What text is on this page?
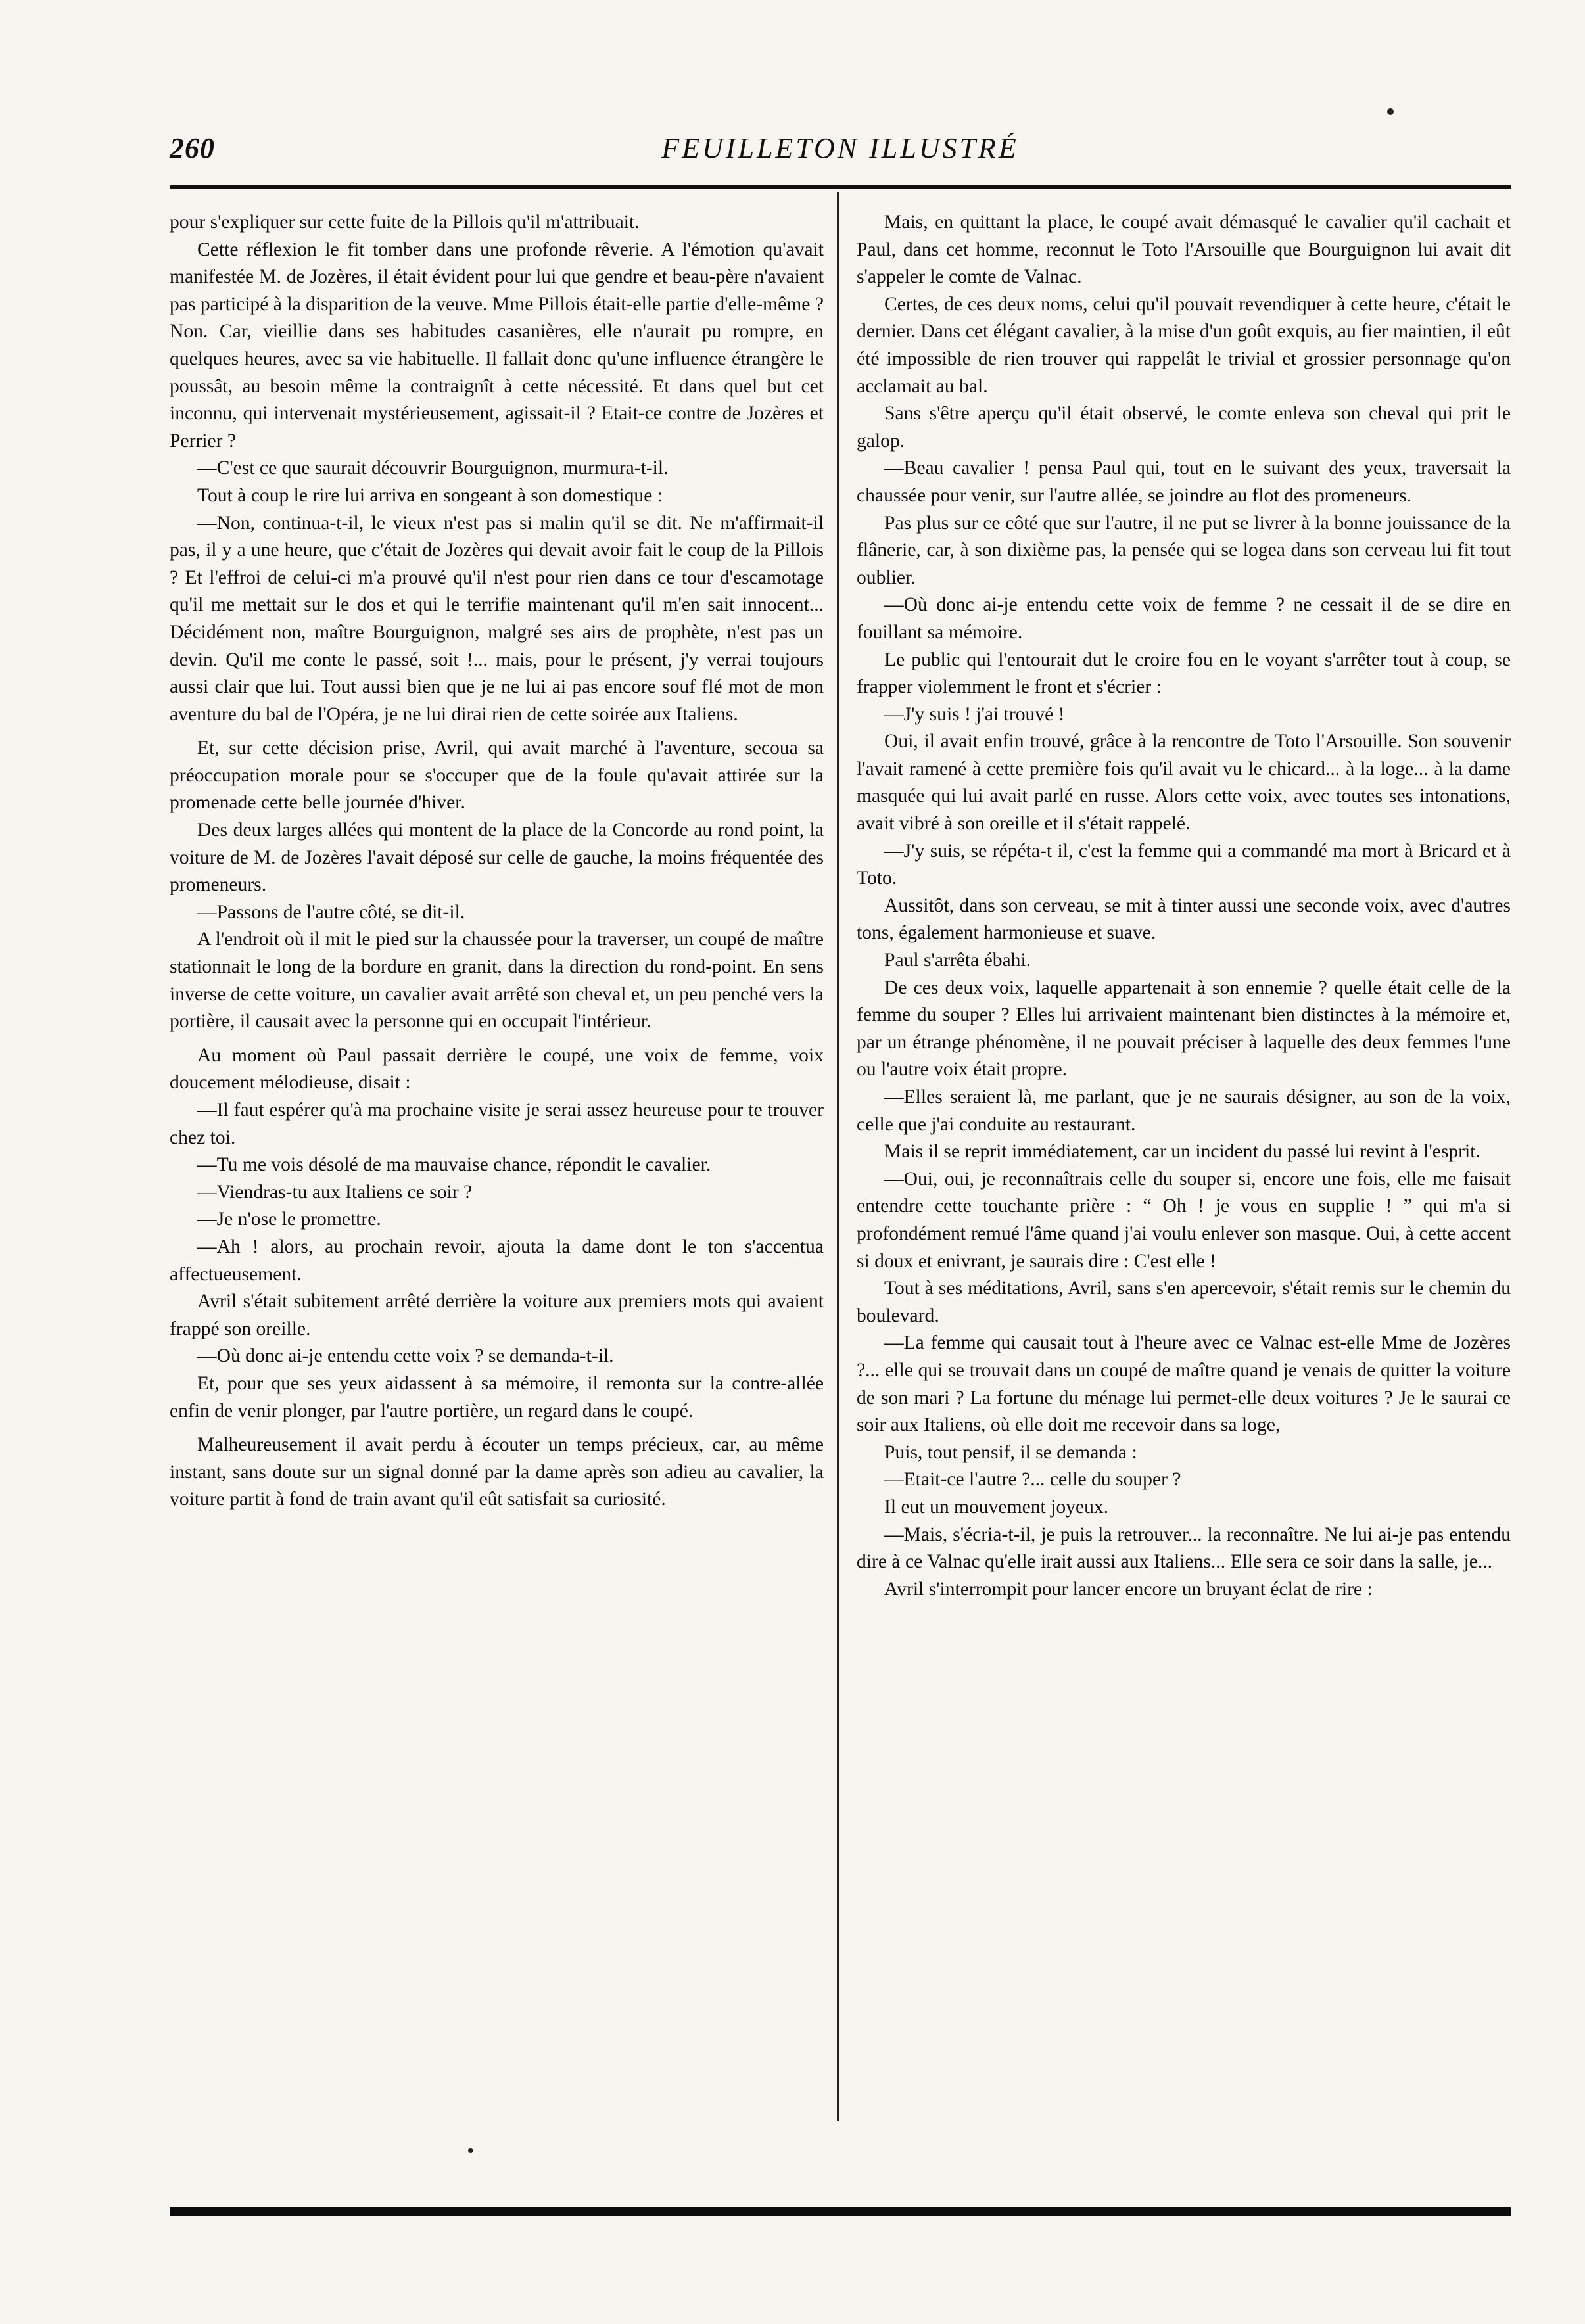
260	FEUILLETON ILLUSTRÉ

pour s'expliquer sur cette fuite de la Pillois qu'il m'attribuait.

Cette réflexion le fit tomber dans une profonde rêverie. A l'émotion qu'avait manifestée M. de Jozères, il était évident pour lui que gendre et beau-père n'avaient pas participé à la disparition de la veuve. Mme Pillois était-elle partie d'elle-même ? Non. Car, vieillie dans ses habitudes casanières, elle n'aurait pu rompre, en quelques heures, avec sa vie habituelle. Il fallait donc qu'une influence étrangère le poussât, au besoin même la contraignît à cette nécessité. Et dans quel but cet inconnu, qui intervenait mystérieusement, agissait-il ? Etait-ce contre de Jozères et Perrier ?

—C'est ce que saurait découvrir Bourguignon, murmura-t-il.

Tout à coup le rire lui arriva en songeant à son domestique :

—Non, continua-t-il, le vieux n'est pas si malin qu'il se dit. Ne m'affirmait-il pas, il y a une heure, que c'était de Jozères qui devait avoir fait le coup de la Pillois ? Et l'effroi de celui-ci m'a prouvé qu'il n'est pour rien dans ce tour d'escamotage qu'il me mettait sur le dos et qui le terrifie maintenant qu'il m'en sait innocent... Décidément non, maître Bourguignon, malgré ses airs de prophète, n'est pas un devin. Qu'il me conte le passé, soit !... mais, pour le présent, j'y verrai toujours aussi clair que lui. Tout aussi bien que je ne lui ai pas encore souf flé mot de mon aventure du bal de l'Opéra, je ne lui dirai rien de cette soirée aux Italiens.

Et, sur cette décision prise, Avril, qui avait marché à l'aventure, secoua sa préoccupation morale pour se s'occuper que de la foule qu'avait attirée sur la promenade cette belle journée d'hiver.

Des deux larges allées qui montent de la place de la Concorde au rond point, la voiture de M. de Jozères l'avait déposé sur celle de gauche, la moins fréquentée des promeneurs.

—Passons de l'autre côté, se dit-il.

A l'endroit où il mit le pied sur la chaussée pour la traverser, un coupé de maître stationnait le long de la bordure en granit, dans la direction du rond-point. En sens inverse de cette voiture, un cavalier avait arrêté son cheval et, un peu penché vers la portière, il causait avec la personne qui en occupait l'intérieur.

Au moment où Paul passait derrière le coupé, une voix de femme, voix doucement mélodieuse, disait :

—Il faut espérer qu'à ma prochaine visite je serai assez heureuse pour te trouver chez toi.

—Tu me vois désolé de ma mauvaise chance, répondit le cavalier.

—Viendras-tu aux Italiens ce soir ?

—Je n'ose le promettre.

—Ah ! alors, au prochain revoir, ajouta la dame dont le ton s'accentua affectueusement.

Avril s'était subitement arrêté derrière la voiture aux premiers mots qui avaient frappé son oreille.

—Où donc ai-je entendu cette voix ? se demanda-t-il.

Et, pour que ses yeux aidassent à sa mémoire, il remonta sur la contre-allée enfin de venir plonger, par l'autre portière, un regard dans le coupé.

Malheureusement il avait perdu à écouter un temps précieux, car, au même instant, sans doute sur un signal donné par la dame après son adieu au cavalier, la voiture partit à fond de train avant qu'il eût satisfait sa curiosité.

Mais, en quittant la place, le coupé avait démasqué le cavalier qu'il cachait et Paul, dans cet homme, reconnut le Toto l'Arsouille que Bourguignon lui avait dit s'appeler le comte de Valnac.

Certes, de ces deux noms, celui qu'il pouvait revendiquer à cette heure, c'était le dernier. Dans cet élégant cavalier, à la mise d'un goût exquis, au fier maintien, il eût été impossible de rien trouver qui rappelât le trivial et grossier personnage qu'on acclamait au bal.

Sans s'être aperçu qu'il était observé, le comte enleva son cheval qui prit le galop.

—Beau cavalier ! pensa Paul qui, tout en le suivant des yeux, traversait la chaussée pour venir, sur l'autre allée, se joindre au flot des promeneurs.

Pas plus sur ce côté que sur l'autre, il ne put se livrer à la bonne jouissance de la flânerie, car, à son dixième pas, la pensée qui se logea dans son cerveau lui fit tout oublier.

—Où donc ai-je entendu cette voix de femme ? ne cessait il de se dire en fouillant sa mémoire.

Le public qui l'entourait dut le croire fou en le voyant s'arrêter tout à coup, se frapper violemment le front et s'écrier :

—J'y suis ! j'ai trouvé !

Oui, il avait enfin trouvé, grâce à la rencontre de Toto l'Arsouille. Son souvenir l'avait ramené à cette première fois qu'il avait vu le chicard... à la loge... à la dame masquée qui lui avait parlé en russe. Alors cette voix, avec toutes ses intonations, avait vibré à son oreille et il s'était rappelé.

—J'y suis, se répéta-t il, c'est la femme qui a commandé ma mort à Bricard et à Toto.

Aussitôt, dans son cerveau, se mit à tinter aussi une seconde voix, avec d'autres tons, également harmonieuse et suave.

Paul s'arrêta ébahi.

De ces deux voix, laquelle appartenait à son ennemie ? quelle était celle de la femme du souper ? Elles lui arrivaient maintenant bien distinctes à la mémoire et, par un étrange phénomène, il ne pouvait préciser à laquelle des deux femmes l'une ou l'autre voix était propre.

—Elles seraient là, me parlant, que je ne saurais désigner, au son de la voix, celle que j'ai conduite au restaurant.

Mais il se reprit immédiatement, car un incident du passé lui revint à l'esprit.

—Oui, oui, je reconnaîtrais celle du souper si, encore une fois, elle me faisait entendre cette touchante prière : “ Oh ! je vous en supplie ! ” qui m'a si profondément remué l'âme quand j'ai voulu enlever son masque. Oui, à cette accent si doux et enivrant, je saurais dire : C'est elle !

Tout à ses méditations, Avril, sans s'en apercevoir, s'était remis sur le chemin du boulevard.

—La femme qui causait tout à l'heure avec ce Valnac est-elle Mme de Jozères ?... elle qui se trouvait dans un coupé de maître quand je venais de quitter la voiture de son mari ? La fortune du ménage lui permet-elle deux voitures ? Je le saurai ce soir aux Italiens, où elle doit me recevoir dans sa loge,

Puis, tout pensif, il se demanda :

—Etait-ce l'autre ?... celle du souper ?

Il eut un mouvement joyeux.

—Mais, s'écria-t-il, je puis la retrouver... la reconnaître. Ne lui ai-je pas entendu dire à ce Valnac qu'elle irait aussi aux Italiens... Elle sera ce soir dans la salle, je...

Avril s'interrompit pour lancer encore un bruyant éclat de rire :
